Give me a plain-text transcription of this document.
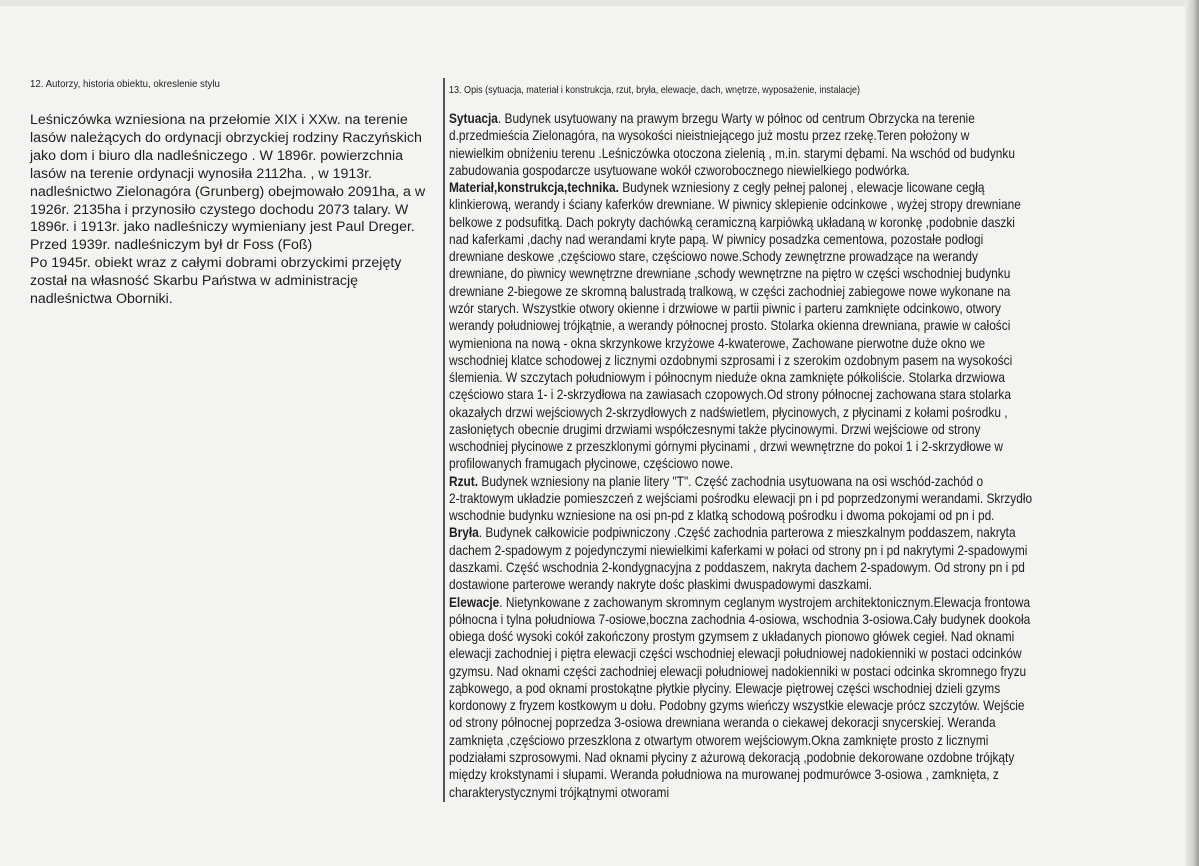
12. Autorzy, historia obiektu, okreslenie stylu
Leśniczówka wzniesiona na przełomie XIX i XXw. na terenie
lasów należących do ordynacji obrzyckiej rodziny Raczyńskich
jako dom i biuro dla nadleśniczego . W 1896r. powierzchnia
lasów na terenie ordynacji wynosiła 2112ha. , w 1913r.
nadleśnictwo Zielonagóra (Grunberg) obejmowało 2091ha, a w
1926r. 2135ha i przynosiło czystego dochodu 2073 talary. W
1896r. i 1913r. jako nadleśniczy wymieniany jest Paul Dreger.
Przed 1939r. nadleśniczym był dr Foss (Foß)
Po 1945r. obiekt wraz z całymi dobrami obrzyckimi przejęty
został na własność Skarbu Państwa w administrację
nadleśnictwa Oborniki.
13. Opis (sytuacja, materiał i konstrukcja, rzut, bryła, elewacje, dach, wnętrze, wyposażenie, instalacje)
Sytuacja. Budynek usytuowany na prawym brzegu Warty w północ od centrum Obrzycka na terenie
d.przedmieścia Zielonagóra, na wysokości nieistniejącego już mostu przez rzekę.Teren położony w
niewielkim obniżeniu terenu .Leśniczówka otoczona zielenią , m.in. starymi dębami. Na wschód od budynku
zabudowania gospodarcze usytuowane wokół czworobocznego niewielkiego podwórka.
Materiał,konstrukcja,technika. Budynek wzniesiony z cegły pełnej palonej , elewacje licowane cegłą
klinkierową, werandy i ściany kaferków drewniane. W piwnicy sklepienie odcinkowe , wyżej stropy drewniane
belkowe z podsufitką. Dach pokryty dachówką ceramiczną karpiówką układaną w koronkę ,podobnie daszki
nad kaferkami ,dachy nad werandami kryte papą. W piwnicy posadzka cementowa, pozostałe podłogi
drewniane deskowe ,częściowo stare, częściowo nowe.Schody zewnętrzne prowadzące na werandy
drewniane, do piwnicy wewnętrzne drewniane ,schody wewnętrzne na piętro w części wschodniej budynku
drewniane 2-biegowe ze skromną balustradą tralkową, w części zachodniej zabiegowe nowe wykonane na
wzór starych. Wszystkie otwory okienne i drzwiowe w partii piwnic i parteru zamknięte odcinkowo, otwory
werandy południowej trójkątnie, a werandy północnej prosto. Stolarka okienna drewniana, prawie w całości
wymieniona na nową - okna skrzynkowe krzyżowe 4-kwaterowe, Zachowane pierwotne duże okno we
wschodniej klatce schodowej z licznymi ozdobnymi szprosami i z szerokim ozdobnym pasem na wysokości
ślemienia. W szczytach południowym i północnym nieduże okna zamknięte półkoliście. Stolarka drzwiowa
częściowo stara 1- i 2-skrzydłowa na zawiasach czopowych.Od strony północnej zachowana stara stolarka
okazałych drzwi wejściowych 2-skrzydłowych z nadświetlem, płycinowych, z płycinami z kołami pośrodku ,
zasłoniętych obecnie drugimi drzwiami współczesnymi także płycinowymi. Drzwi wejściowe od strony
wschodniej płycinowe z przeszklonymi górnymi płycinami , drzwi wewnętrzne do pokoi 1 i 2-skrzydłowe w
profilowanych framugach płycinowe, częściowo nowe.
Rzut. Budynek wzniesiony na planie litery "T". Część zachodnia usytuowana na osi wschód-zachód o
2-traktowym układzie pomieszczeń z wejściami pośrodku elewacji pn i pd poprzedzonymi werandami. Skrzydło
wschodnie budynku wzniesione na osi pn-pd z klatką schodową pośrodku i dwoma pokojami od pn i pd.
Bryła. Budynek całkowicie podpiwniczony .Część zachodnia parterowa z mieszkalnym poddaszem, nakryta
dachem 2-spadowym z pojedynczymi niewielkimi kaferkami w połaci od strony pn i pd nakrytymi 2-spadowymi
daszkami. Część wschodnia 2-kondygnacyjna z poddaszem, nakryta dachem 2-spadowym. Od strony pn i pd
dostawione parterowe werandy nakryte dośc płaskimi dwuspadowymi daszkami.
Elewacje. Nietynkowane z zachowanym skromnym ceglanym wystrojem architektonicznym.Elewacja frontowa
północna i tylna południowa 7-osiowe,boczna zachodnia 4-osiowa, wschodnia 3-osiowa.Cały budynek dookoła
obiega dość wysoki cokół zakończony prostym gzymsem z układanych pionowo główek cegieł. Nad oknami
elewacji zachodniej i piętra elewacji części wschodniej elewacji południowej nadokienniki w postaci odcinków
gzymsu. Nad oknami części zachodniej elewacji południowej nadokienniki w postaci odcinka skromnego fryzu
ząbkowego, a pod oknami prostokątne płytkie płyciny. Elewacje piętrowej części wschodniej dzieli gzyms
kordonowy z fryzem kostkowym u dołu. Podobny gzyms wieńczy wszystkie elewacje prócz szczytów. Wejście
od strony północnej poprzedza 3-osiowa drewniana weranda o ciekawej dekoracji snycerskiej. Weranda
zamknięta ,częściowo przeszklona z otwartym otworem wejściowym.Okna zamknięte prosto z licznymi
podziałami szprosowymi. Nad oknami płyciny z ażurową dekoracją ,podobnie dekorowane ozdobne trójkąty
między krokstynami i słupami. Weranda południowa na murowanej podmurówce 3-osiowa , zamknięta, z
charakterystycznymi trójkątnymi otworami
